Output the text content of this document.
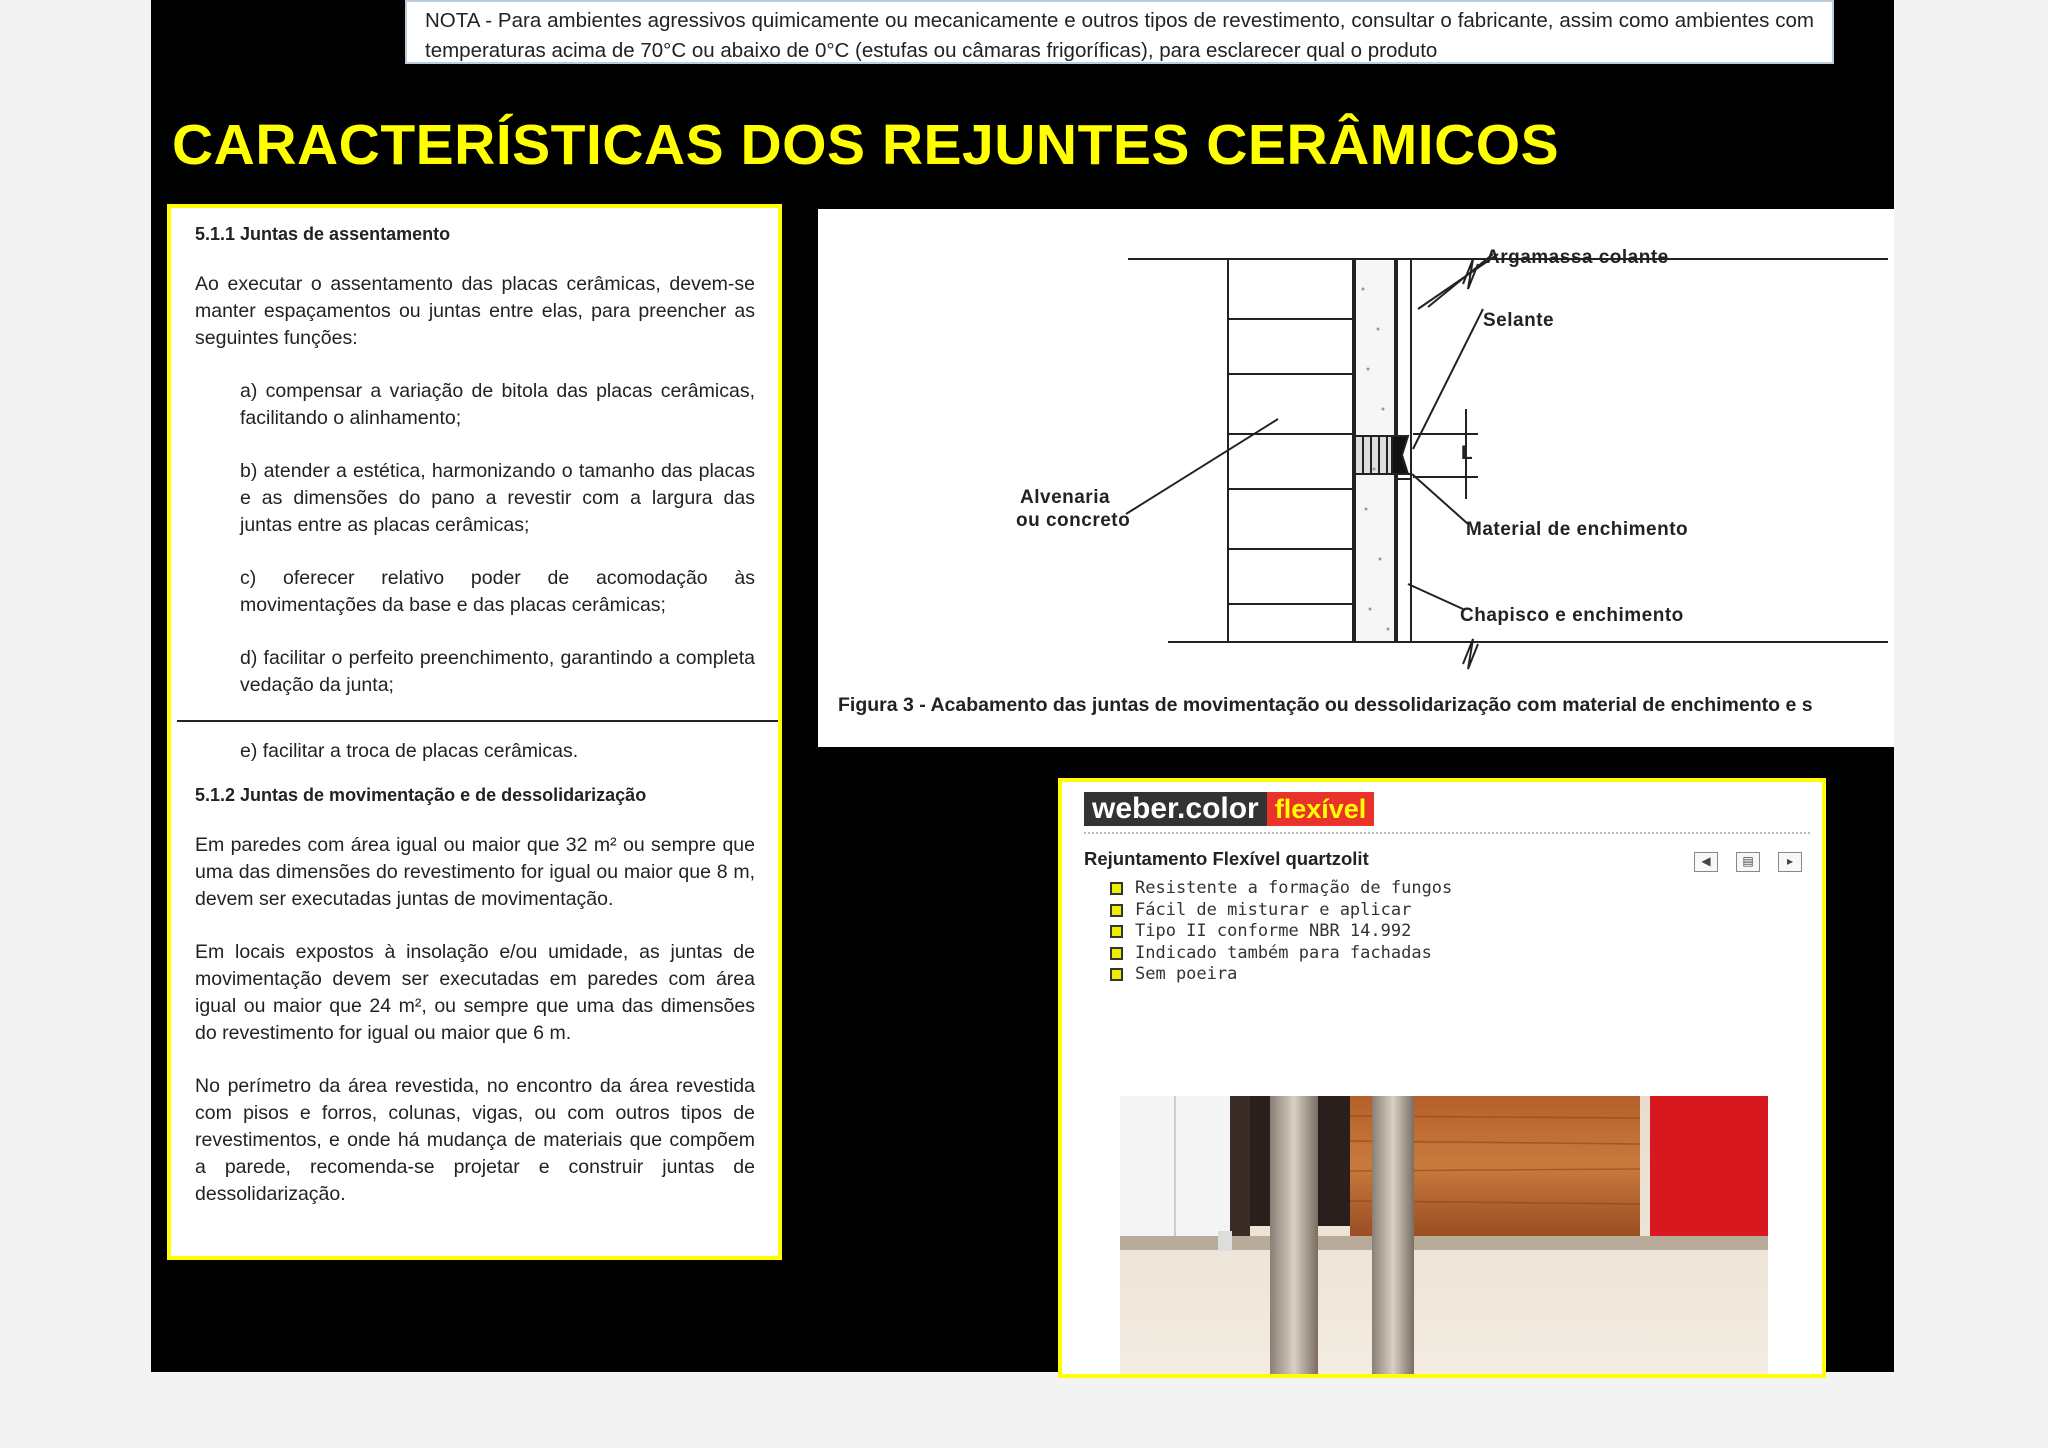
NOTA - Para ambientes agressivos quimicamente ou mecanicamente e outros tipos de revestimento, consultar o fabricante, assim como ambientes com temperaturas acima de 70°C ou abaixo de 0°C (estufas ou câmaras frigoríficas), para esclarecer qual o produto
CARACTERÍSTICAS DOS REJUNTES CERÂMICOS
5.1.1 Juntas de assentamento
Ao executar o assentamento das placas cerâmicas, devem-se manter espaçamentos ou juntas entre elas, para preencher as seguintes funções:
a) compensar a variação de bitola das placas cerâmicas, facilitando o alinhamento;
b) atender a estética, harmonizando o tamanho das placas e as dimensões do pano a revestir com a largura das juntas entre as placas cerâmicas;
c) oferecer relativo poder de acomodação às movimentações da base e das placas cerâmicas;
d) facilitar o perfeito preenchimento, garantindo a completa vedação da junta;
e) facilitar a troca de placas cerâmicas.
5.1.2 Juntas de movimentação e de dessolidarização
Em paredes com área igual ou maior que 32 m² ou sempre que uma das dimensões do revestimento for igual ou maior que 8 m, devem ser executadas juntas de movimentação.
Em locais expostos à insolação e/ou umidade, as juntas de movimentação devem ser executadas em paredes com área igual ou maior que 24 m², ou sempre que uma das dimensões do revestimento for igual ou maior que 6 m.
No perímetro da área revestida, no encontro da área revestida com pisos e forros, colunas, vigas, ou com outros tipos de revestimentos, e onde há mudança de materiais que compõem a parede, recomenda-se projetar e construir juntas de dessolidarização.
Argamassa colante
Selante
Alvenaria
ou concreto
L
Material de enchimento
Chapisco e enchimento
Figura 3 - Acabamento das juntas de movimentação ou dessolidarização com material de enchimento e s
weber.color flexível
Rejuntamento Flexível quartzolit	◀	▤	▸
Resistente a formação de fungos
Fácil de misturar e aplicar
Tipo II conforme NBR 14.992
Indicado também para fachadas
Sem poeira
